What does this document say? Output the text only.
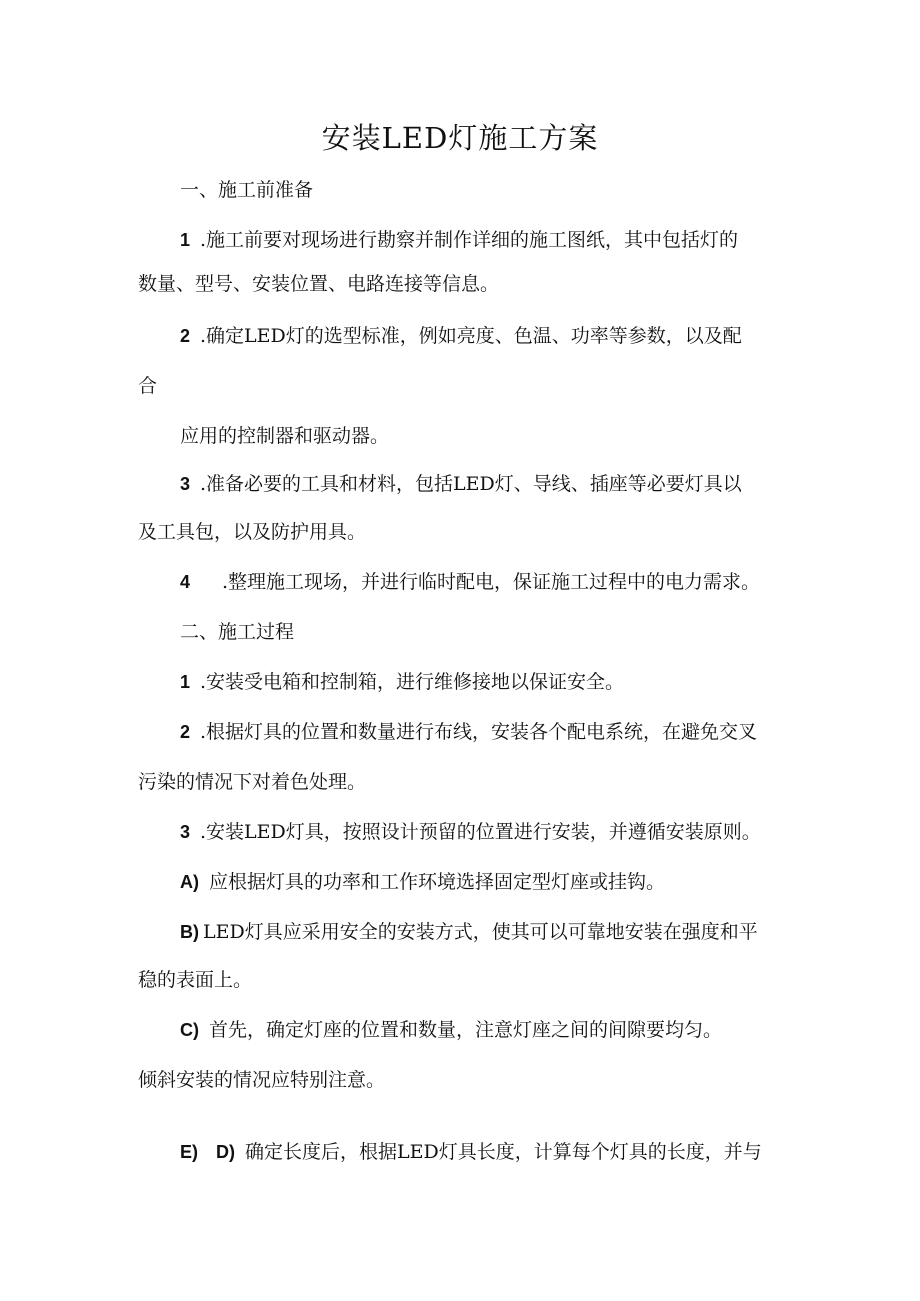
安装LED灯施工方案
一、施工前准备
1 .施工前要对现场进行勘察并制作详细的施工图纸，其中包括灯的
数量、型号、安装位置、电路连接等信息。
2 .确定LED灯的选型标准，例如亮度、色温、功率等参数，以及配
合
应用的控制器和驱动器。
3 .准备必要的工具和材料，包括LED灯、导线、插座等必要灯具以
及工具包，以及防护用具。
4 .整理施工现场，并进行临时配电，保证施工过程中的电力需求。
二、施工过程
1 .安装受电箱和控制箱，进行维修接地以保证安全。
2 .根据灯具的位置和数量进行布线，安装各个配电系统，在避免交叉
污染的情况下对着色处理。
3 .安装LED灯具，按照设计预留的位置进行安装，并遵循安装原则。
A) 应根据灯具的功率和工作环境选择固定型灯座或挂钩。
B) LED灯具应采用安全的安装方式，使其可以可靠地安装在强度和平
稳的表面上。
C) 首先，确定灯座的位置和数量，注意灯座之间的间隙要均匀。
倾斜安装的情况应特别注意。
E) D) 确定长度后，根据LED灯具长度，计算每个灯具的长度，并与
